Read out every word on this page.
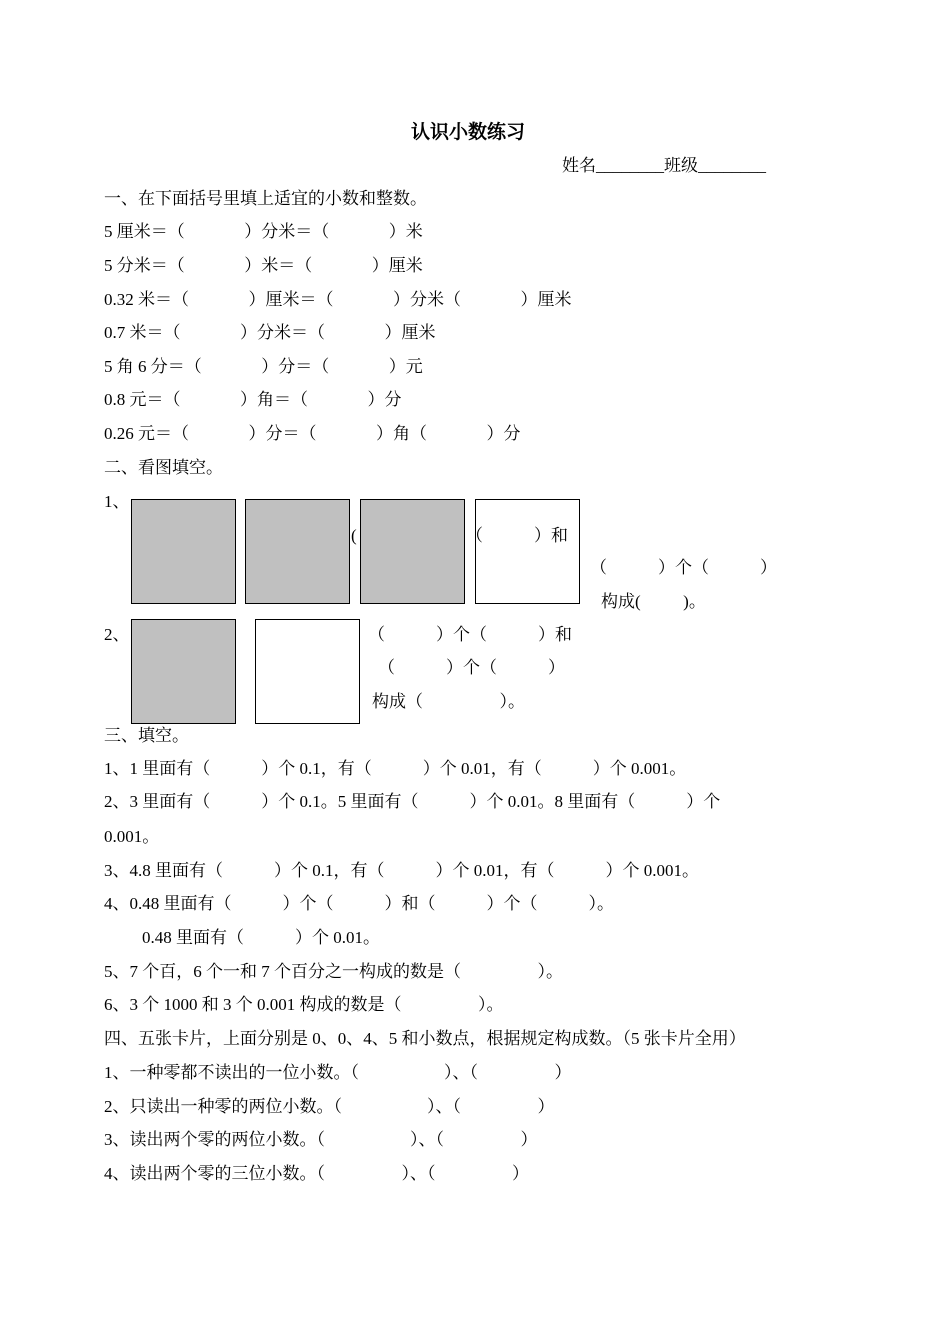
认识小数练习
姓名________班级________
一、在下面括号里填上适宜的小数和整数。
5 厘米＝（              ）分米＝（              ）米
5 分米＝（              ）米＝（              ）厘米
0.32 米＝（              ）厘米＝（              ）分米（              ）厘米
0.7 米＝（              ）分米＝（              ）厘米
5 角 6 分＝（              ）分＝（              ）元
0.8 元＝（              ）角＝（              ）分
0.26 元＝（              ）分＝（              ）角（              ）分
二、看图填空。
1、
(	（            ）和
（            ）个（            ）
构成(          )。
2、	（            ）个（            ）和
（            ）个（            ）
构成（                  ）。
三、填空。
1、1 里面有（            ）个 0.1，有（            ）个 0.01，有（            ）个 0.001。
2、3 里面有（            ）个 0.1。5 里面有（            ）个 0.01。8 里面有（            ）个
0.001。
3、4.8 里面有（            ）个 0.1，有（            ）个 0.01，有（            ）个 0.001。
4、0.48 里面有（            ）个（            ）和（            ）个（            ）。
0.48 里面有（            ）个 0.01。
5、7 个百，6 个一和 7 个百分之一构成的数是（                  ）。
6、3 个 1000 和 3 个 0.001 构成的数是（                  ）。
四、五张卡片，上面分别是 0、0、4、5 和小数点，根据规定构成数。（5 张卡片全用）
1、一种零都不读出的一位小数。（                    ）、（                  ）
2、只读出一种零的两位小数。（                    ）、（                  ）
3、读出两个零的两位小数。（                    ）、（                  ）
4、读出两个零的三位小数。（                  ）、（                  ）
